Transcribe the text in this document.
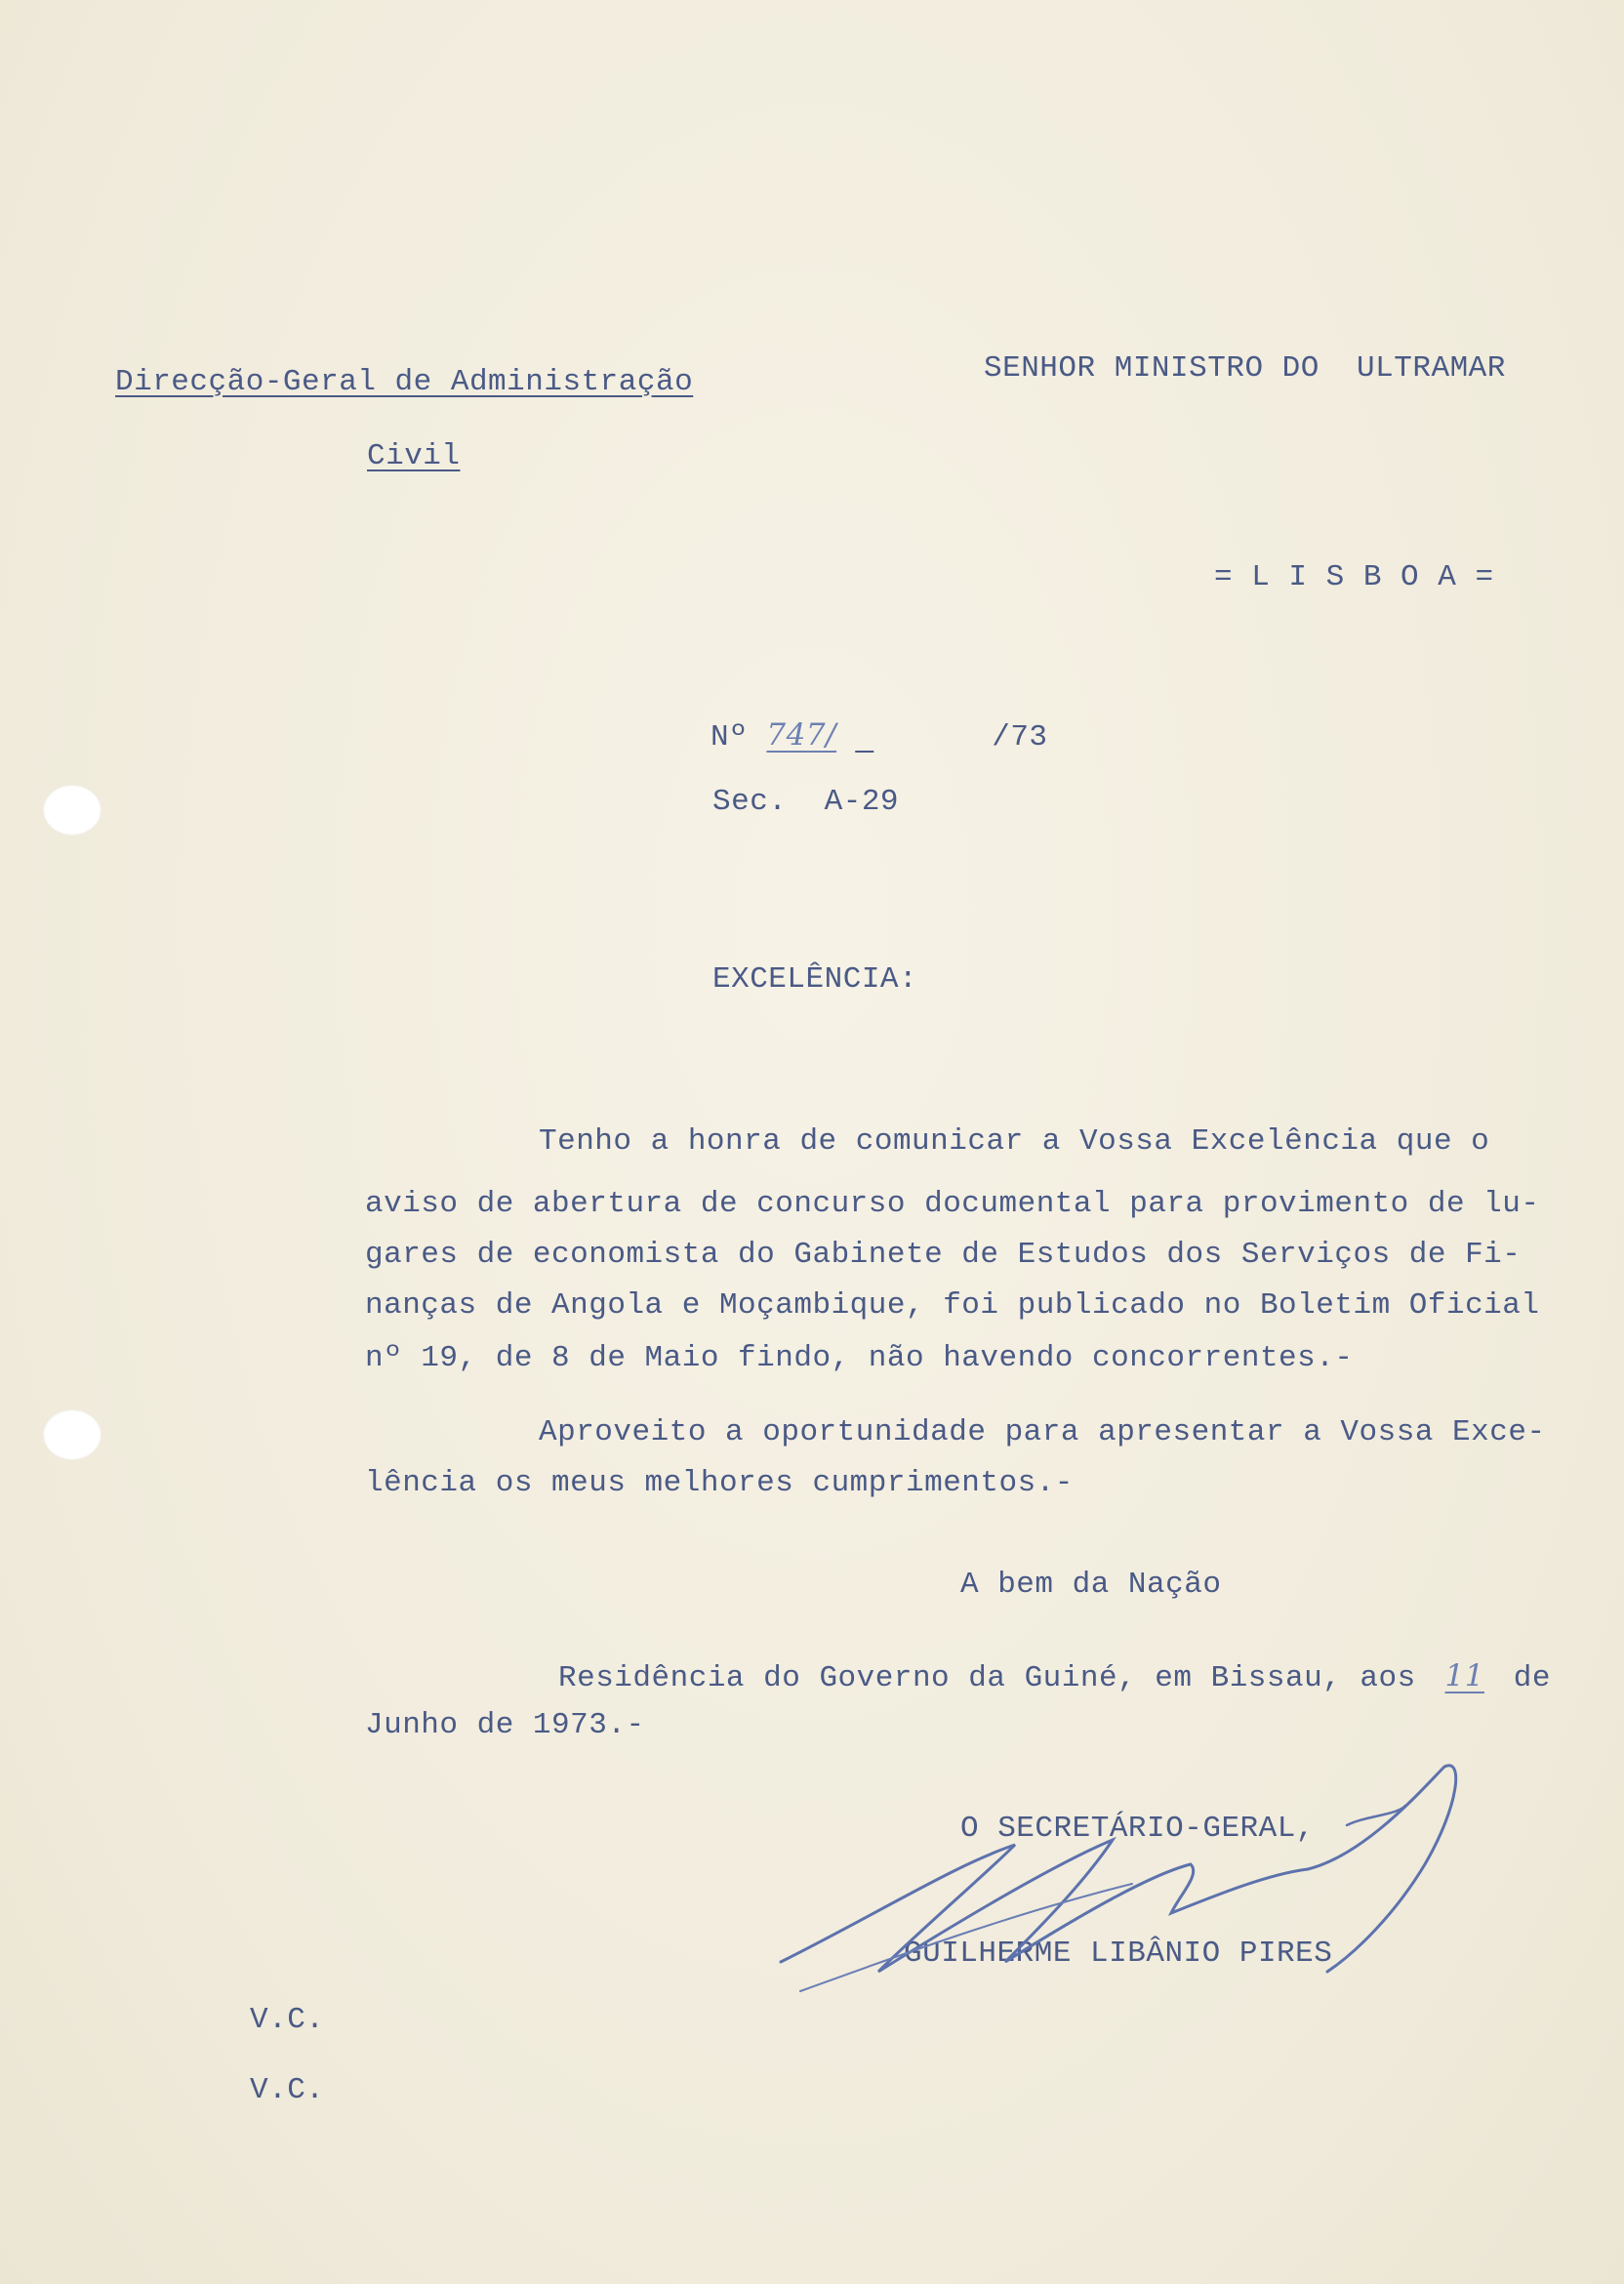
Direcção-Geral de Administração
Civil
SENHOR MINISTRO DO  ULTRAMAR
= L I S B O A =
Nº 747/	/73
Sec.  A-29
EXCELÊNCIA:
Tenho a honra de comunicar a Vossa Excelência que o
aviso de abertura de concurso documental para provimento de lu-
gares de economista do Gabinete de Estudos dos Serviços de Fi-
nanças de Angola e Moçambique, foi publicado no Boletim Oficial
nº 19, de 8 de Maio findo, não havendo concorrentes.-
Aproveito a oportunidade para apresentar a Vossa Exce-
lência os meus melhores cumprimentos.-
A bem da Nação
Residência do Governo da Guiné, em Bissau, aos 11 de
Junho de 1973.-
O SECRETÁRIO-GERAL,
GUILHERME LIBÂNIO PIRES
V.C.
V.C.
